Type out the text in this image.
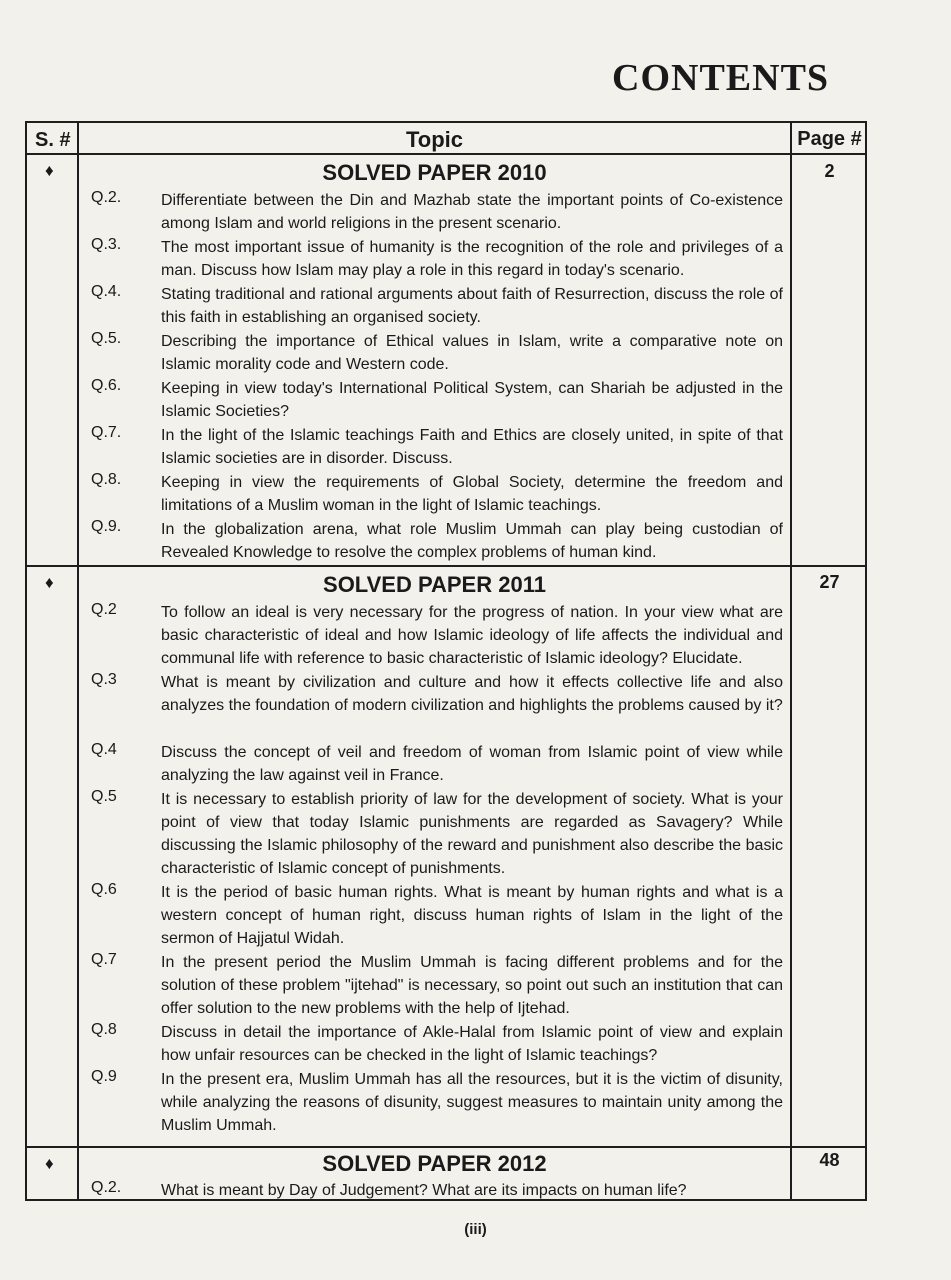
CONTENTS
S. #	Topic	Page #
♦	SOLVED PAPER 2010	2
Q.2. Differentiate between the Din and Mazhab state the important points of Co-existence among Islam and world religions in the present scenario.
Q.3. The most important issue of humanity is the recognition of the role and privileges of a man. Discuss how Islam may play a role in this regard in today's scenario.
Q.4. Stating traditional and rational arguments about faith of Resurrection, discuss the role of this faith in establishing an organised society.
Q.5. Describing the importance of Ethical values in Islam, write a comparative note on Islamic morality code and Western code.
Q.6. Keeping in view today's International Political System, can Shariah be adjusted in the Islamic Societies?
Q.7. In the light of the Islamic teachings Faith and Ethics are closely united, in spite of that Islamic societies are in disorder. Discuss.
Q.8. Keeping in view the requirements of Global Society, determine the freedom and limitations of a Muslim woman in the light of Islamic teachings.
Q.9. In the globalization arena, what role Muslim Ummah can play being custodian of Revealed Knowledge to resolve the complex problems of human kind.
♦	SOLVED PAPER 2011	27
Q.2	To follow an ideal is very necessary for the progress of nation. In your view what are basic characteristic of ideal and how Islamic ideology of life affects the individual and communal life with reference to basic characteristic of Islamic ideology? Elucidate.
Q.3	What is meant by civilization and culture and how it effects collective life and also analyzes the foundation of modern civilization and highlights the problems caused by it?
Q.4	Discuss the concept of veil and freedom of woman from Islamic point of view while analyzing the law against veil in France.
Q.5	It is necessary to establish priority of law for the development of society. What is your point of view that today Islamic punishments are regarded as Savagery? While discussing the Islamic philosophy of the reward and punishment also describe the basic characteristic of Islamic concept of punishments.
Q.6	It is the period of basic human rights. What is meant by human rights and what is a western concept of human right, discuss human rights of Islam in the light of the sermon of Hajjatul Widah.
Q.7	In the present period the Muslim Ummah is facing different problems and for the solution of these problem "ijtehad" is necessary, so point out such an institution that can offer solution to the new problems with the help of Ijtehad.
Q.8	Discuss in detail the importance of Akle-Halal from Islamic point of view and explain how unfair resources can be checked in the light of Islamic teachings?
Q.9	In the present era, Muslim Ummah has all the resources, but it is the victim of disunity, while analyzing the reasons of disunity, suggest measures to maintain unity among the Muslim Ummah.
♦	SOLVED PAPER 2012	48
Q.2. What is meant by Day of Judgement? What are its impacts on human life?
(iii)
